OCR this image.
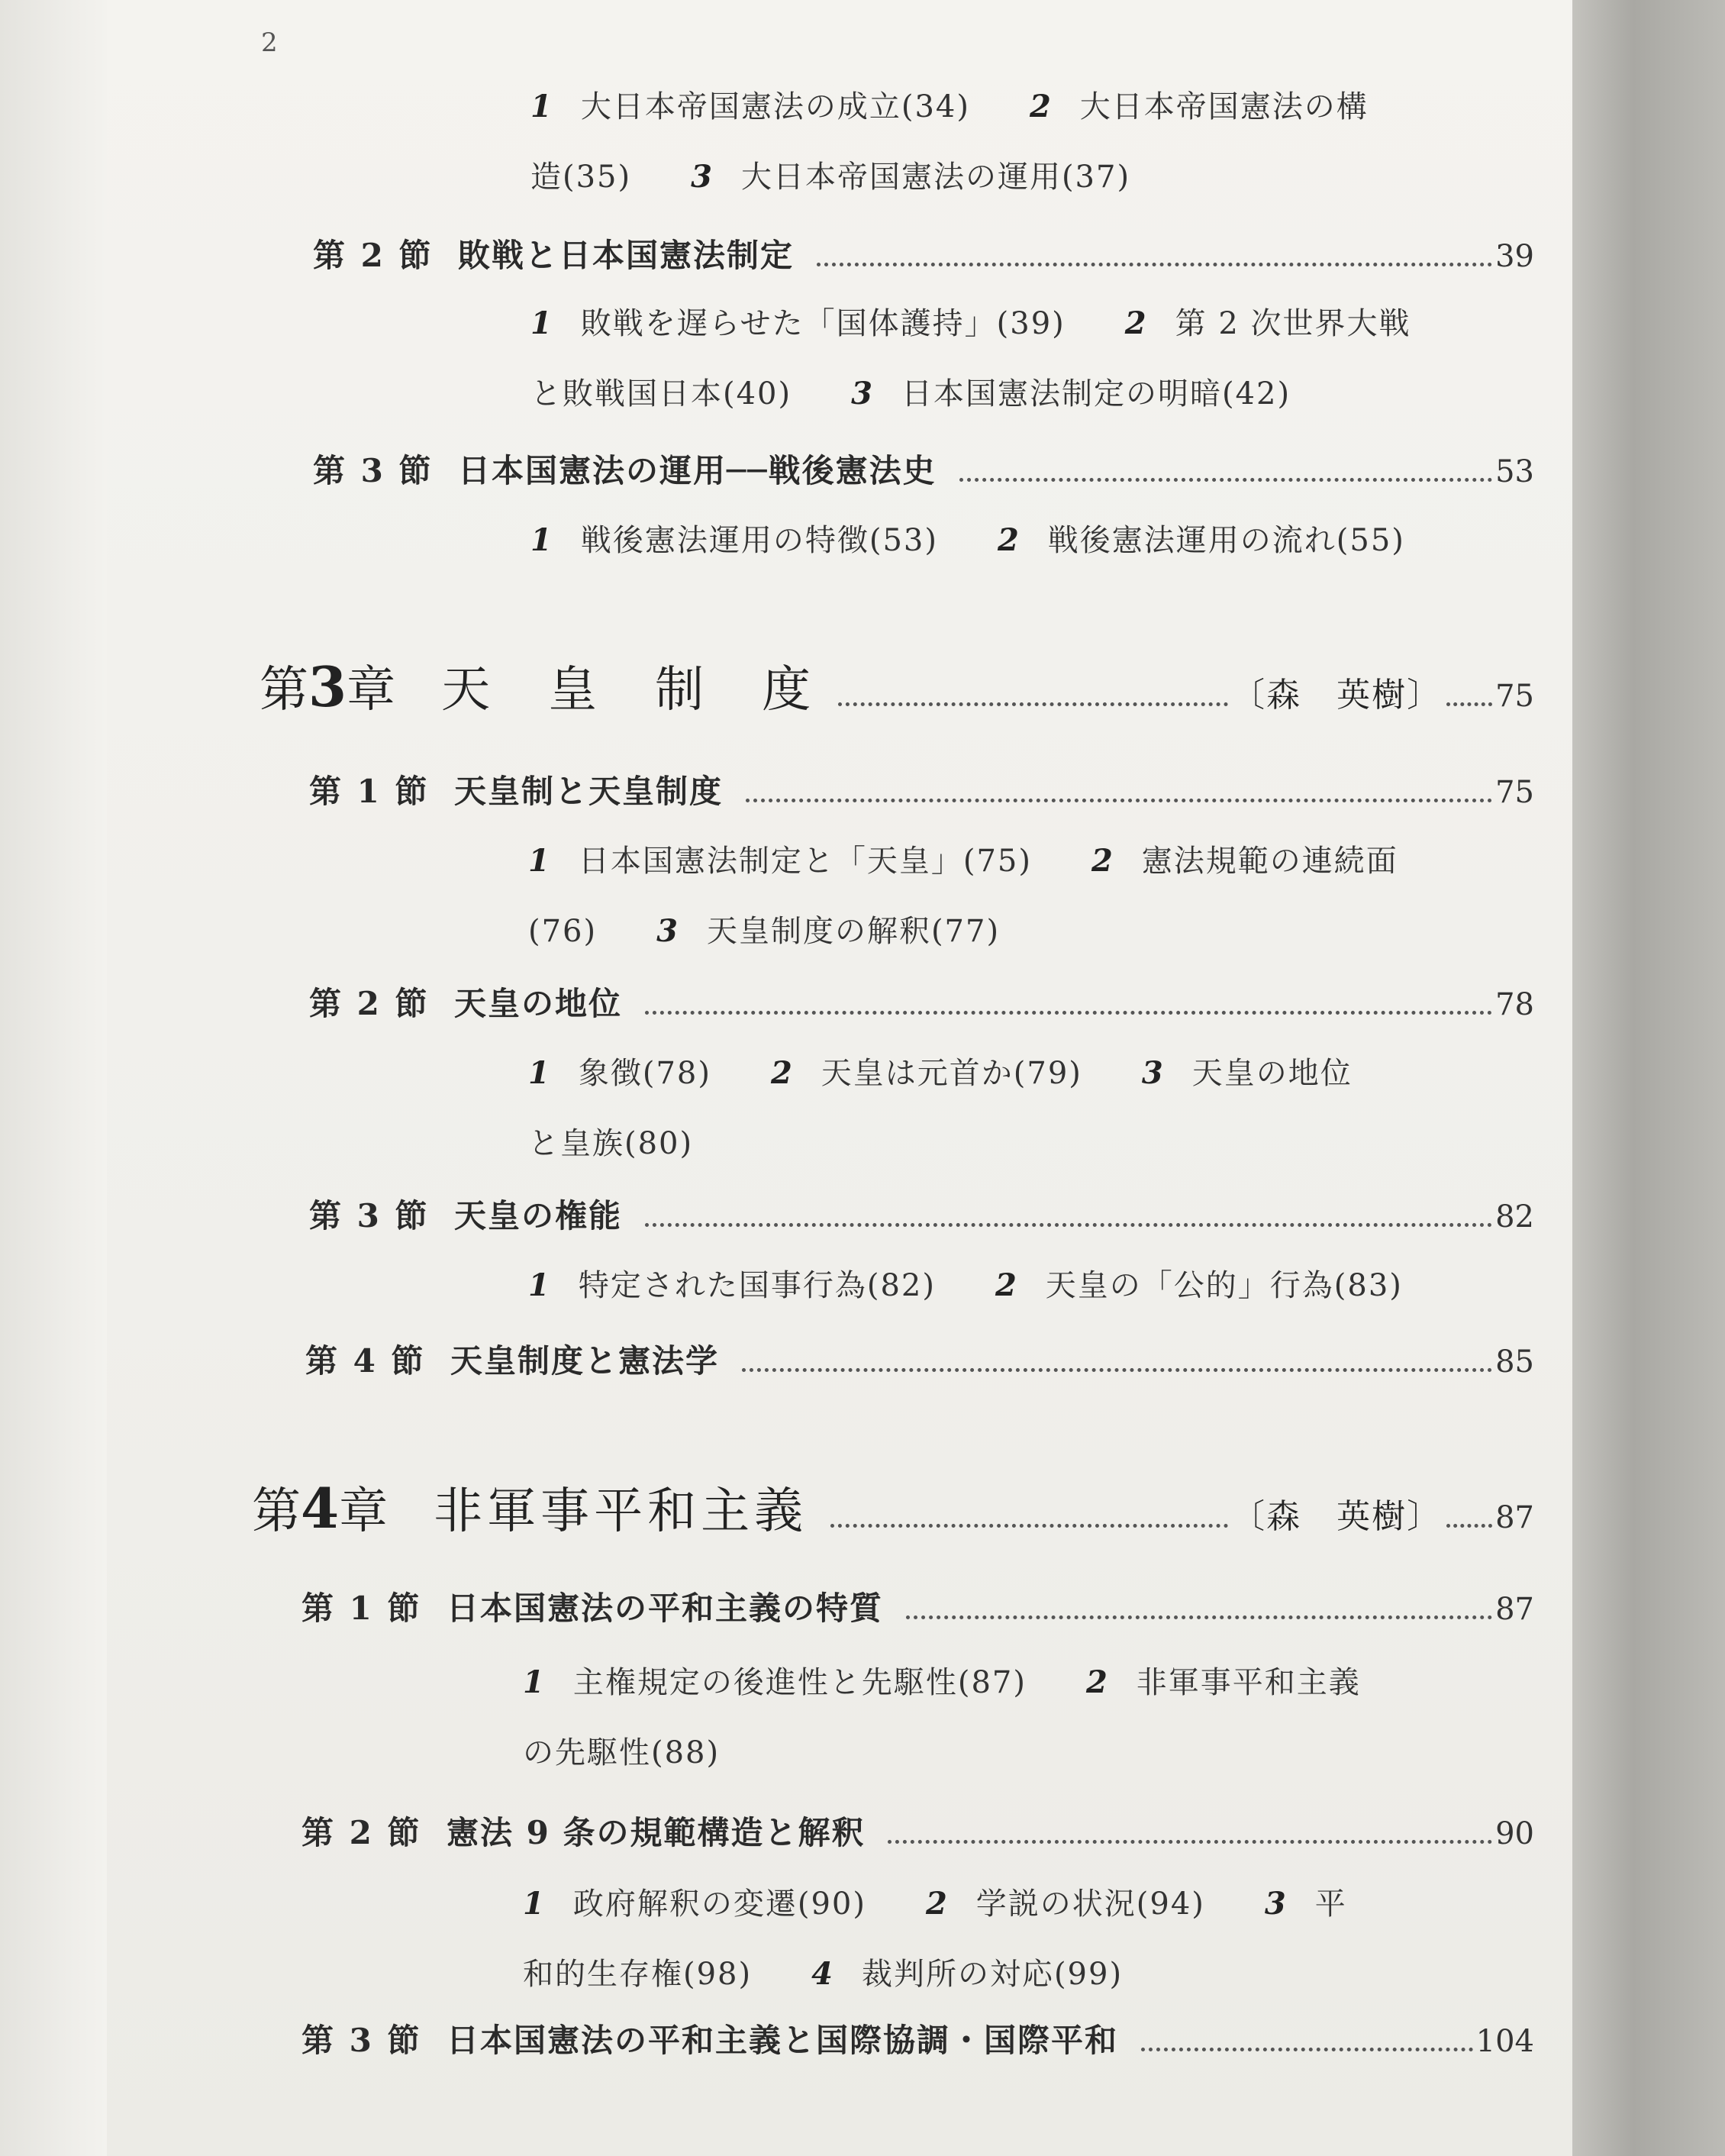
2
1 大日本帝国憲法の成立(34) 2 大日本帝国憲法の構
造(35) 3 大日本帝国憲法の運用(37)
第 2 節 敗戦と日本国憲法制定	39
1 敗戦を遅らせた「国体護持」(39) 2 第 2 次世界大戦
と敗戦国日本(40) 3 日本国憲法制定の明暗(42)
第 3 節 日本国憲法の運用──戦後憲法史	53
1 戦後憲法運用の特徴(53) 2 戦後憲法運用の流れ(55)
第 3 章 天　皇　制　度	〔森　英樹〕 75
第 1 節 天皇制と天皇制度	75
1 日本国憲法制定と「天皇」(75) 2 憲法規範の連続面
(76) 3 天皇制度の解釈(77)
第 2 節 天皇の地位	78
1 象徴(78) 2 天皇は元首か(79) 3 天皇の地位
と皇族(80)
第 3 節 天皇の権能	82
1 特定された国事行為(82) 2 天皇の「公的」行為(83)
第 4 節 天皇制度と憲法学	85
第 4 章 非軍事平和主義	〔森　英樹〕 87
第 1 節 日本国憲法の平和主義の特質	87
1 主権規定の後進性と先駆性(87) 2 非軍事平和主義
の先駆性(88)
第 2 節 憲法 9 条の規範構造と解釈	90
1 政府解釈の変遷(90) 2 学説の状況(94) 3 平
和的生存権(98) 4 裁判所の対応(99)
第 3 節 日本国憲法の平和主義と国際協調・国際平和	104
